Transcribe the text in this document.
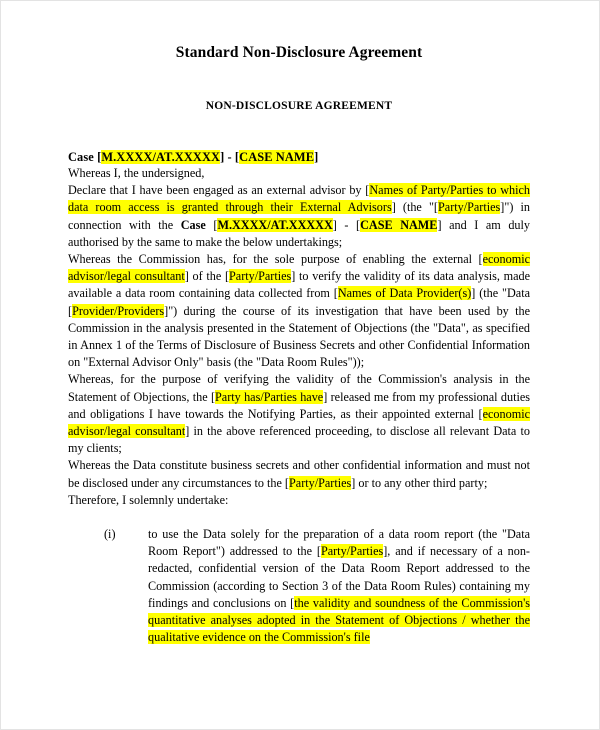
Standard Non-Disclosure Agreement
NON-DISCLOSURE AGREEMENT
Case [M.XXXX/AT.XXXXX] - [CASE NAME]

Whereas I, the undersigned,

Declare that I have been engaged as an external advisor by [Names of Party/Parties to which data room access is granted through their External Advisors] (the "[Party/Parties]") in connection with the Case [M.XXXX/AT.XXXXX] - [CASE NAME] and I am duly authorised by the same to make the below undertakings;

Whereas the Commission has, for the sole purpose of enabling the external [economic advisor/legal consultant] of the [Party/Parties] to verify the validity of its data analysis, made available a data room containing data collected from [Names of Data Provider(s)] (the "Data [Provider/Providers]") during the course of its investigation that have been used by the Commission in the analysis presented in the Statement of Objections (the "Data", as specified in Annex 1 of the Terms of Disclosure of Business Secrets and other Confidential Information on "External Advisor Only" basis (the "Data Room Rules"));

Whereas, for the purpose of verifying the validity of the Commission's analysis in the Statement of Objections, the [Party has/Parties have] released me from my professional duties and obligations I have towards the Notifying Parties, as their appointed external [economic advisor/legal consultant] in the above referenced proceeding, to disclose all relevant Data to my clients;

Whereas the Data constitute business secrets and other confidential information and must not be disclosed under any circumstances to the [Party/Parties] or to any other third party;

Therefore, I solemnly undertake:

(i)	to use the Data solely for the preparation of a data room report (the "Data Room Report") addressed to the [Party/Parties], and if necessary of a non-redacted, confidential version of the Data Room Report addressed to the Commission (according to Section 3 of the Data Room Rules) containing my findings and conclusions on [the validity and soundness of the Commission's quantitative analyses adopted in the Statement of Objections / whether the qualitative evidence on the Commission's file
